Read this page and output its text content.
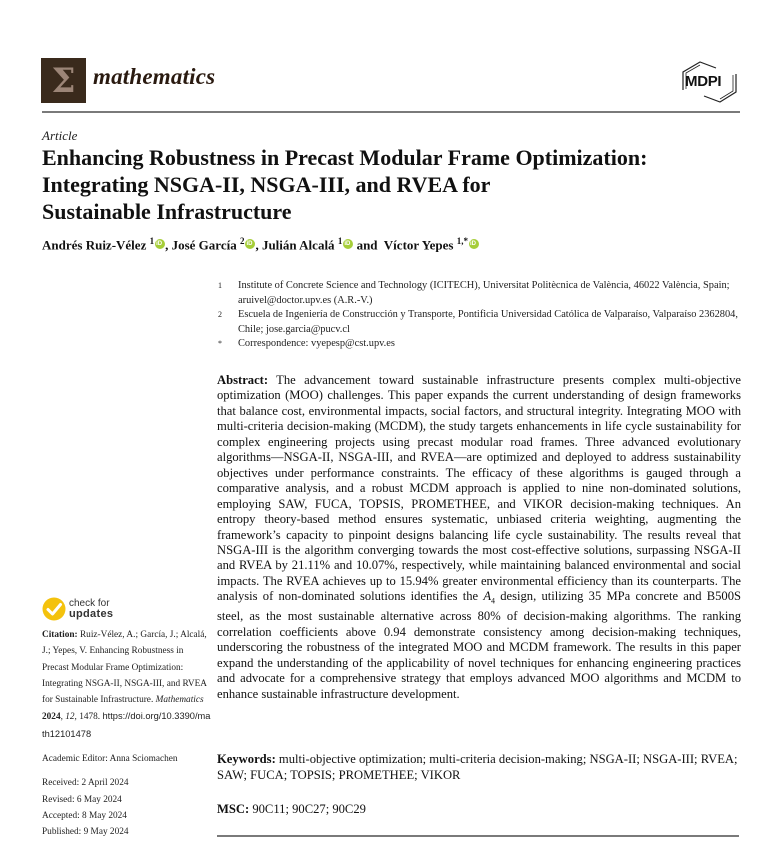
Σ mathematics	MDPI
Article
Enhancing Robustness in Precast Modular Frame Optimization:
Integrating NSGA-II, NSGA-III, and RVEA for
Sustainable Infrastructure
Andrés Ruiz-Vélez $^1$ iD , José García $^2$ iD , Julián Alcalá $^1$iD and  Víctor Yepes $^{1,*}$iD
1	Institute of Concrete Science and Technology (ICITECH), Universitat Politècnica de València, 46022 València, Spain; aruivel@doctor.upv.es (A.R.-V.)
2	Escuela de Ingeniería de Construcción y Transporte, Pontificia Universidad Católica de Valparaíso, Valparaíso 2362804, Chile; jose.garcia@pucv.cl
*	Correspondence: vyepesp@cst.upv.es

Abstract: The advancement toward sustainable infrastructure presents complex multi-objective optimization (MOO) challenges. This paper expands the current understanding of design frameworks that balance cost, environmental impacts, social factors, and structural integrity. Integrating MOO with multi-criteria decision-making (MCDM), the study targets enhancements in life cycle sustainability for complex engineering projects using precast modular road frames. Three advanced evolutionary algorithms—NSGA-II, NSGA-III, and RVEA—are optimized and deployed to address sustainability objectives under performance constraints. The efficacy of these algorithms is gauged through a comparative analysis, and a robust MCDM approach is applied to nine non-dominated solutions, employing SAW, FUCA, TOPSIS, PROMETHEE, and VIKOR decision-making techniques. An entropy theory-based method ensures systematic, unbiased criteria weighting, augmenting the framework’s capacity to pinpoint designs balancing life cycle sustainability. The results reveal that NSGA-III is the algorithm converging towards the most cost-effective solutions, surpassing NSGA-II and RVEA by 21.11% and 10.07%, respectively, while maintaining balanced environmental and social impacts. The RVEA achieves up to 15.94% greater environmental efficiency than its counterparts. The analysis of non-dominated solutions identifies the $A_4$ design, utilizing 35 MPa concrete and B500S steel, as the most sustainable alternative across 80% of decision-making algorithms. The ranking correlation coefficients above 0.94 demonstrate consistency among decision-making techniques, underscoring the robustness of the integrated MOO and MCDM framework. The results in this paper expand the understanding of the applicability of novel techniques for enhancing engineering practices and advocate for a comprehensive strategy that employs advanced MOO algorithms and MCDM to enhance sustainable infrastructure development.

Keywords: multi-objective optimization; multi-criteria decision-making; NSGA-II; NSGA-III; RVEA; SAW; FUCA; TOPSIS; PROMETHEE; VIKOR
MSC: 90C11; 90C27; 90C29
check for
updates

Citation: Ruiz-Vélez, A.; García, J.; Alcalá, J.; Yepes, V. Enhancing Robustness in Precast Modular Frame Optimization: Integrating NSGA-II, NSGA-III, and RVEA for Sustainable Infrastructure. Mathematics 2024, 12, 1478. https://doi.org/10.3390/math12101478

Academic Editor: Anna Sciomachen

Received: 2 April 2024

Revised: 6 May 2024

Accepted: 8 May 2024

Published: 9 May 2024
